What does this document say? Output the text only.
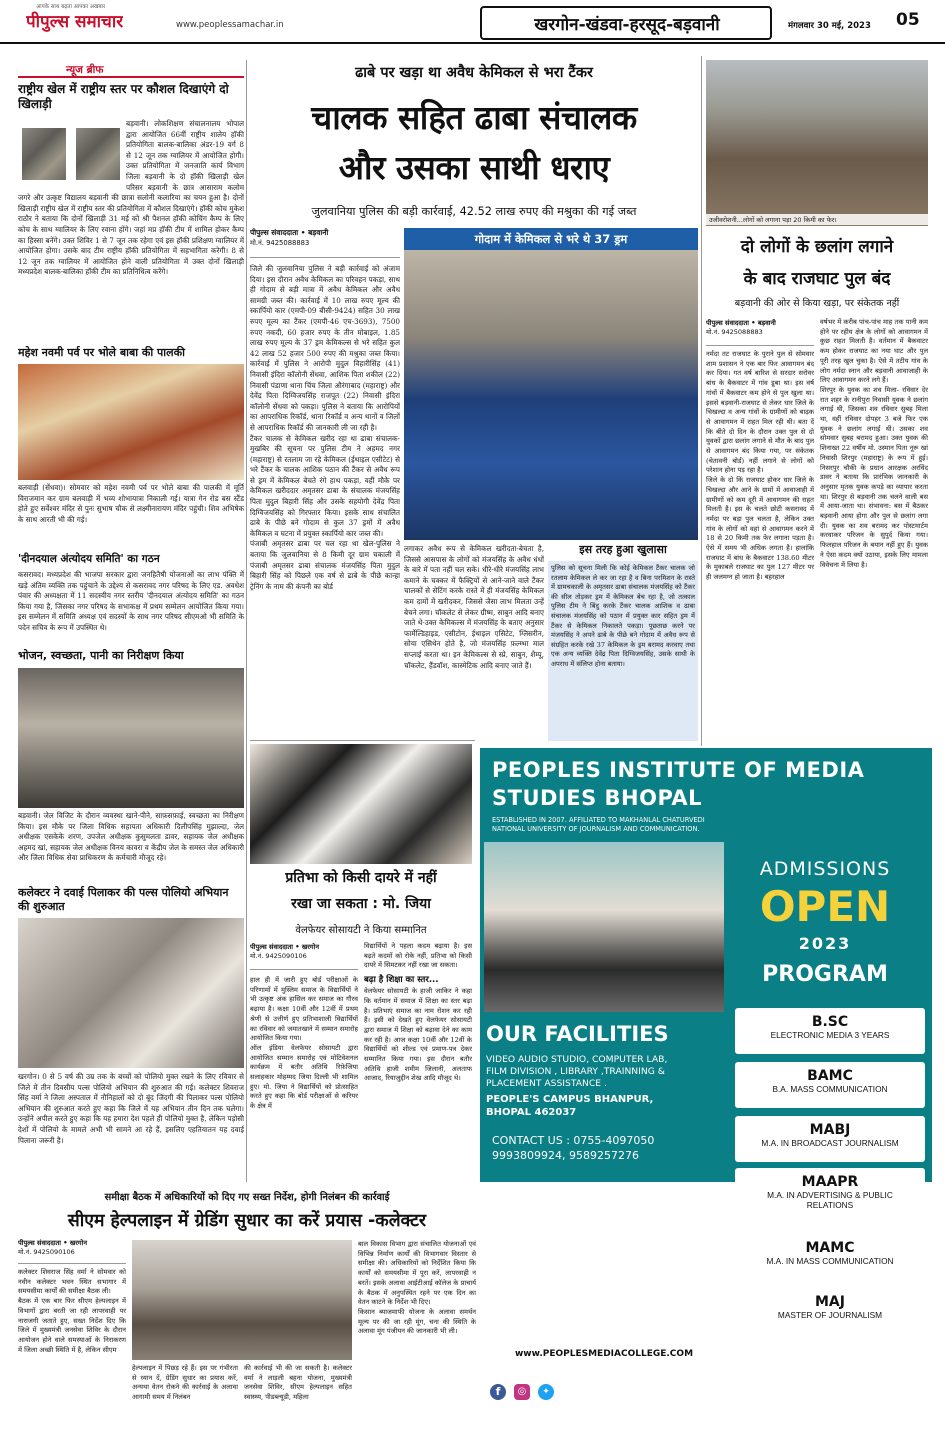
आपके साथ बढ़ता आपका अखबार
पीपुल्स समाचार	www.peoplessamachar.in	खरगोन-खंडवा-हरसूद-बड़वानी	मंगलवार 30 मई, 2023 05
न्यूज ब्रीफ
राष्ट्रीय खेल में राष्ट्रीय स्तर पर कौशल दिखाएंगे दो खिलाड़ी
बड़वानी। लोकशिक्षण संचालनालय भोपाल द्वारा आयोजित 66वीं राष्ट्रीय शालेय हॉकी प्रतियोगिता बालक-बालिका अंडर-19 वर्ग 8 से 12 जून तक ग्वालियर में आयोजित होगी। उक्त प्रतियोगिता में जनजाति कार्य विभाग जिला बड़वानी के दो हॉकी खिलाड़ी खेल परिसर बड़वानी के छात्र आसाराम कलोम जगरे और उत्कृष्ट विद्यालय बड़वानी की छात्रा सलोनी कलारिया का चयन हुआ है। दोनों खिलाड़ी राष्ट्रीय खेल में राष्ट्रीय स्तर की प्रतियोगिता में कौशल दिखाएंगे। हॉकी कोच मुकेश राठौर ने बताया कि दोनों खिलाड़ी 31 मई को श्री पैशनल हॉकी कोचिंग कैम्प के लिए कोच के साथ ग्वालियर के लिए रवाना होंगे। जहां मप्र हॉकी टीम में शामिल होकर कैम्प का हिस्सा बनेंगे। उक्त शिविर 1 से 7 जून तक रहेगा एवं इस हॉकी प्रशिक्षण ग्वालियर में आयोजित होगा। उसके बाद टीम राष्ट्रीय हॉकी प्रतियोगिता में सहभागिता करेगी। 8 से 12 जून तक ग्वालियर में आयोजित होने वाली प्रतियोगिता में उक्त दोनों खिलाड़ी मध्यप्रदेश बालक-बालिका हॉकी टीम का प्रतिनिधित्व करेंगे।
महेश नवमी पर्व पर भोले बाबा की पालकी
बलवाड़ी (सेंधवा)। सोमवार को महेश नवमी पर्व पर भोले बाबा की पालकी में मूर्ति विराजमान कर ग्राम बलवाड़ी में भव्य शोभायात्रा निकाली गई। यात्रा गेन रोड बस स्टैंड होते हुए सर्वेश्वर मंदिर से पुनः सुभाष चौक से लक्ष्मीनारायण मंदिर पहुंची। शिव अभिषेक के साथ आरती भी की गई।
'दीनदयाल अंत्योदय समिति' का गठन
कसरावद। मध्यप्रदेश की भाजपा सरकार द्वारा जनहितैषी योजनाओं का लाभ पंक्ति में खड़े अंतिम व्यक्ति तक पहुंचाने के उद्देश्य से कसरावद नगर परिषद के लिए एड. अवधेश पंवार की अध्यक्षता में 11 सदस्यीय नगर स्तरीय 'दीनदयाल अंत्योदय समिति' का गठन किया गया है, जिसका नगर परिषद के सभाकक्ष में प्रथम सम्मेलन आयोजित किया गया। इस सम्मेलन में समिति अध्यक्ष एवं सदस्यों के साथ नगर परिषद सीएमओ भी समिति के पदेन सचिव के रूप में उपस्थित थे।
भोजन, स्वच्छता, पानी का निरीक्षण किया
बड़वानी। जेल विजिट के दौरान व्यवस्था खाने-पीने, साफ़सफ़ाई, स्वच्छता का निरीक्षण किया। इस मौके पर जिला विधिक सहायता अधिकारी दिलीपसिंह मुझाल्दा, जेल अधीक्षक एसकेके शरण, उपजेल अधीक्षक कुसुमलता डावर, सहायक जेल अधीक्षक अहमद खां, सहायक जेल अधीक्षक विनय कावरा व केंद्रीय जेल के समस्त जेल अधिकारी और जिला विधिक सेवा प्राधिकरण के कर्मचारी मौजूद रहे।
कलेक्टर ने दवाई पिलाकर की पल्स पोलियो अभियान की शुरुआत
खरगोन। 0 से 5 वर्ष की उम्र तक के बच्चों को पोलियो मुक्त रखने के लिए रविवार से जिले में तीन दिवसीय पल्स पोलियो अभियान की शुरुआत की गई। कलेक्टर शिवराज सिंह वर्मा ने जिला अस्पताल में नौनिहालों को दो बूंद जिंदगी की पिलाकर पल्स पोलियो अभियान की शुरुआत करते हुए कहा कि जिले में यह अभियान तीन दिन तक चलेगा। उन्होंने अपील करते हुए कहा कि यह हमारा देश पहले ही पोलियो मुक्त है, लेकिन पड़ोसी देशों में पोलियो के मामले अभी भी सामने आ रहे हैं, इसलिए एहतियातन यह दवाई पिलाना जरूरी है।
ढाबे पर खड़ा था अवैध केमिकल से भरा टैंकर
चालक सहित ढाबा संचालक
और उसका साथी धराए
जुलवानिया पुलिस की बड़ी कार्रवाई, 42.52 लाख रुपए की मश्रुका की गई जब्त
पीपुल्स संवाददाता • बड़वानी
मो.नं. 9425088883
जिले की जुलवानिया पुलिस ने बड़ी कार्रवाई को अंजाम दिया। इस दौरान अवैध केमिकल का परिवहन पकड़ा, साथ ही गोदाम से बड़ी मात्रा में अवैध केमिकल और अवैध सामग्री जब्त की। कार्रवाई में 10 लाख रुपए मूल्य की स्कार्पियो कार (एमपी-09 बीसी-9424) सहित 30 लाख रुपए मूल्य का टैंकर (एमपी-46 एच-3693), 7500 रुपए नकदी, 60 हजार रुपए के तीन मोबाइल, 1.85 लाख रुपए मूल्य के 37 ड्रम केमिकल्स से भरे सहित कुल 42 लाख 52 हजार 500 रुपए की मश्रुका जब्त किया। कार्रवाई में पुलिस ने आरोपी मुदुल विहारीसिंह (41) निवासी इंदिरा कॉलोनी सेंधवा, आशिक पिता शकील (22) निवासी पंडाणा थाना चिंच जिला औरंगाबाद (महाराष्ट्र) और देवेंद्र पिता दिग्विजयसिंह राजपूत (22) निवासी इंदिरा कॉलोनी सेंधवा को पकड़ा। पुलिस ने बताया कि आरोपियों का आपराधिक रिकॉर्ड, थाना रिकॉर्ड व अन्य थानों व जिलों से आपराधिक रिकॉर्ड की जानकारी ली जा रही है।
टैंकर चालक से केमिकल खरीद रहा था ढाबा संचालक-मुखबिर की सूचना पर पुलिस टीम ने अहमद नगर (महाराष्ट्र) से रतलाम जा रहे केमिकल (ईथाइल एसीटेट) से भरे टैंकर के चालक आशिक पठान की टैंकर से अवैध रूप से ड्रम में केमिकल बेचते रंगे हाथ पकड़ा, वहीं मौके पर केमिकल खरीददार अमृतसर ढाबा के संचालक मंजयसिंह पिता मुदुल बिहारी सिंह और उसके सहयोगी देवेंद्र पिता दिग्विजयसिंह को गिरफ्तार किया। इसके साथ संचालित ढाबे के पीछे बने गोदाम से कुल 37 ड्रमों में अवैध केमिकल व घटना में प्रयुक्त स्कार्पियो कार जब्त की।
पंजाबी अमृतसर ढाबा पर चल रहा था खेल-पुलिस ने बताया कि जुलवानिया से 8 किमी दूर ग्राम चकाली में पंजाबी अमृतसर ढाबा संचालक मंजयसिंह पिता मुदुल बिहारी सिंह को पिछले एक वर्ष से ढाबे के पीछे कान्हा ट्रेनिंग के नाम की कंपनी का बोर्ड
गोदाम में केमिकल से भरे थे 37 ड्रम
लगाकर अवैध रूप से केमिकल खरीदता-बेचता है, जिससे आसपास के लोगों को मंजयसिंह के अवैध धंधों के बारे में पता नहीं चल सके। धीरे-धीरे मंजयसिंह लाभ कमाने के चक्कर में फैक्ट्रियों से आने-जाने वाले टैंकर चालकों से सेटिंग करके रास्ते में ही मंजयसिंह केमिकल कम दामों में खरीदकर, जिससे जैसा लाभ मिलता उन्हें बेचने लगा। चॉकलेट से लेकर ग्रीष्म, साबुन आदि बनाए जाते थे-उक्त केमिकल्स में मंजयसिंह के बताए अनुसार फार्मेल्डिहाइड, एसीटोन, ईथाइल एसिटेट, ग्लिसरीन, सोया एसिथेन होते है, जो मंजयसिंह फ़ल्म्भा माल सप्लाई करता था। इन केमिकल्स से स्प्रे, साबुन, शैम्पू, चॉकलेट, हैंडवॉश, कास्मेटिक आदि बनाए जाते हैं।
इस तरह हुआ खुलासा
पुलिस को सूचना मिली कि कोई केमिकल टैंकर चालक जो रतलाम केमिकल ले कर जा रहा है व बिना परमिशन के रास्ते में ग्रामचकाली के अमृतसर ढाबा संचालक मंजयसिंह को टैंकर की सील तोड़कर ड्रम में केमिकल बेच रहा है, जो तत्काल पुलिस टीम ने बिंदु करके टैंकर चालक आशिक व ढाबा संचालक मंजयसिंह को पठान में प्रयुक्त कार सहित ड्रम में टैंकर से केमिकल निकालते पकड़ा। पूछताछ करने पर मंजयसिंह ने अपने ढाबे के पीछे बने गोदाम में अवैध रूप से संग्रहित करके रखे 37 केमिकल के ड्रम बरामद करवाए तथा एक अन्य व्यक्ति देवेंद्र पिता दिग्विजयसिंह, उसके साथी के अपराध में संलिप्त होना बताया।
उजीवरोशनी...लोगों को लगाना पड़ा 20 किमी का फेर।
दो लोगों के छलांग लगाने
के बाद राजघाट पुल बंद
बड़वानी की ओर से किया खड़ा, पर संकेतक नहीं
पीपुल्स संवाददाता • बड़वानी
मो.नं. 9425088883
नर्मदा तट राजघाट के पुराने पुल से सोमवार शाम प्रशासन ने एक बार फिर आवागमन बंद कर दिया। गत वर्ष बारिश से सरदार सरोवर बांध के बैकवाटर में गांव डूबा था। इस वर्ष गांवों में बैकवाटर कम होने से पुल खुला था। इससे बड़वानी-राजघाट से लेकर धार जिले के चिखल्दा व अन्य गांवों के ग्रामीणों को बाढ़क से आवागमन में राहत मिल रही थी। बता दें कि बीते दो दिन के दौरान उक्त पुल से दो युवकों द्वारा छलांग लगाने से मौत के बाद पुल से आवागमन बंद किया गया, पर संकेतक (चेतावनी बोर्ड) नहीं लगाने से लोगों को परेशान होना पड़ रहा है।
जिले के दो किं राजघाट होकर धार जिले के चिखल्दा और आने के ग्रामों में आवाजाही में ग्रामीणों को कम दूरी में आवागमन की राहत मिलती है। इस के चलते छोटी कसरावद में नर्मदा पर बड़ा पुल चलता है, लेकिन उक्त गांव के लोगों को वहां से आवागमन करने में 18 से 20 किमी तक फेर लगाना पड़ता है। ऐसे में समय भी अधिक लगता है। हालांकि राजघाट में बांध के बैकवाटर 138.60 मीटर के मुकाबले राजघाट का पुल 127 मीटर पर ही जलमग्न हो जाता है। बहरहाल
वर्षभर में करीब पांच-पांच माह तक पानी कम होने पर रहीय क्षेत्र के लोगों को आवागमन में कुछ राहत मिलती है। वर्तमान में बैकवाटर कम होकर राजघाट का नया घाट और पुल पूरी तरह खुल चुका है। ऐसे में तटीय गांव के लोग नर्मदा स्नान और बड़वानी आवाजाही के लिए आवागमन करने लगे हैं।
शिरपुर के युवक का शव मिला- रविवार देर रात शहर के रानीपुरा निवासी युवक ने छलांग लगाई थी, जिसका शव रविवार सुबह मिला था, वहीं रविवार दोपहर 3 बजे फिर एक युवक ने छलांग लगाई थी। उसका शव सोमवार सुबह बरामद हुआ। उक्त युवक की शिनाख्त 22 वर्षीय मो. उस्मान पिता नूरू खां निवासी शिरपुर (महाराष्ट्र) के रूप में हुई। निसरपुर चौकी के प्रधान आरक्षक अरविंद डावर ने बताया कि प्रारंभिक जानकारी के अनुसार मृतक युवक कपड़े का व्यापार करता था। शिरपुर से बड़वानी तक चलने वाली बस में आया-जाता था। संभावना: बस में बैठकर बड़वानी आया होगा और पुल से छलांग लगा दी। युवक का शव बरामद कर पोस्टमार्टम करवाकर परिजन के सुपुर्द किया गया। फिलहाल परिजन के बयान नहीं हुए हैं। युवक ने ऐसा कदम क्यों उठाया, इसके लिए मामला विवेचना में लिया है।
प्रतिभा को किसी दायरे में नहीं
रखा जा सकता : मो. जिया
वेलफेयर सोसायटी ने किया सम्मानित
पीपुल्स संवाददाता • खरगोन
मो.नं. 9425090106
हाल ही में जारी हुए बोर्ड परीक्षाओं के परिणामों में मुस्लिम समाज के विद्यार्थियों ने भी उत्कृष्ट अंक हासिल कर समाज का गौरव बढ़ाया है। कक्षा 10वीं और 12वीं में प्रथम श्रेणी से उत्तीर्ण हुए प्रतिभाशाली विद्यार्थियों का रविवार को जमातखाने में सम्मान समारोह आयोजित किया गया।
ऑल इंडिया वेलफेयर सोसायटी द्वारा आयोजित सम्मान समारोह एवं मोटिवेशनल कार्यक्रम में बतौर अतिथि रिफ़ेजिया सलाहकार मोहम्मद जिया दिल्ली भी शामिल हुए। मो. जिया ने विद्यार्थियों को प्रोत्साहित करते हुए कहा कि बोर्ड परीक्षाओं से करियर के क्षेत्र में
विद्यार्थियों ने पहला कदम बढ़ाया है। इस बढ़ते कदमों को रोके नहीं, प्रतिभा को किसी दायरे में सिमटकर नहीं रखा जा सकता।
बढ़ा है शिक्षा का स्तर...
वेलफेयर सोसायटी के हाजी जाकिर ने कहा कि वर्तमान में समाज में शिक्षा का स्तर बढ़ा है। प्रतिभाएं समाज का नाम रोशन कर रही हैं। इसी को देखते हुए वेलफेयर सोसायटी द्वारा समाज में शिक्षा को बढ़ावा देने का काम कर रही है। आज कक्षा 10वीं और 12वीं के विद्यार्थियों को शील्ड एवं प्रमाण-पत्र देकर सम्मानित किया गया। इस दौरान बतौर अतिथि हाजी शमीम जिलानी, अलताफ आजाद, रियाजुद्दीन शेख आदि मौजूद थे।
PEOPLES INSTITUTE OF MEDIA
STUDIES BHOPAL
ESTABLISHED IN 2007. AFFILIATED TO MAKHANLAL CHATURVEDI
NATIONAL UNIVERSITY OF JOURNALISM AND COMMUNICATION.
ADMISSIONS
OPEN
2023
PROGRAM
OUR FACILITIES
VIDEO AUDIO STUDIO, COMPUTER LAB,
FILM DIVISION , LIBRARY ,TRAINNING &
PLACEMENT ASSISTANCE .
PEOPLE'S CAMPUS BHANPUR,
BHOPAL 462037
CONTACT US : 0755-4097050
9993809924, 9589257276
B.SC
ELECTRONIC MEDIA 3 YEARS
BAMC
B.A. MASS COMMUNICATION
MABJ
M.A. IN BROADCAST JOURNALISM
MAAPR
M.A. IN ADVERTISING & PUBLIC RELATIONS
MAMC
M.A. IN MASS COMMUNICATION
MAJ
MASTER OF JOURNALISM
www.PEOPLESMEDIACOLLEGE.COM
f	◎	✦
समीक्षा बैठक में अधिकारियों को दिए गए सख्त निर्देश, होगी निलंबन की कार्रवाई
सीएम हेल्पलाइन में ग्रेडिंग सुधार का करें प्रयास -कलेक्टर
पीपुल्स संवाददाता • खरगोन
मो.नं. 9425090106
कलेक्टर शिवराज सिंह वर्मा ने सोमवार को नवीन कलेक्टर भवन स्थित सभागार में समयसीमा कार्यों की समीक्षा बैठक ली।
बैठक में एक बार फिर सीएम हेल्पलाइन में विभागों द्वारा बरती जा रही लापरवाही पर नाराजगी जताते हुए, सख्त निर्देश दिए कि जिले में मुख्यमंत्री जनसेवा शिविर के दौरान आयोजन होने वाले समस्याओं के निराकरण में जिला अच्छी स्थिति में है, लेकिन सीएम
हेल्पलाइन में पिछड़ रहे हैं। इस पर गंभीरता से ध्यान दें, ग्रेडिंग सुधार का प्रयास करें, अन्यथा वेतन रोकने की कार्रवाई के अलावा आगामी समय में निलंबन
की कार्रवाई भी की जा सकती है। कलेक्टर वर्मा ने लाड़ली बहना योजना, मुख्यमंत्री जनसेवा शिविर, सीएम हेल्पलाइन सहित स्वास्थ्य, पीडब्ल्यूडी, महिला
बाल विकास विभाग द्वारा संचालित योजनाओं एवं विभिन्न निर्माण कार्यों की विभागवार विस्तार से समीक्षा की। अधिकारियों को निर्देशित किया कि कार्यों को समयसीमा में पूरा करें, लापरवाही न बरतें। इसके अलावा आईटीआई कॉलेज के प्राचार्य के बैठक में अनुपस्थित रहने पर एक दिन का वेतन काटने के निर्देश भी दिए।
किसान ब्याजमाफी योजना के अलावा समर्थन मूल्य पर की जा रही मूंग, चना की स्थिति के अलावा मूंग पंजीयन की जानकारी भी ली।
